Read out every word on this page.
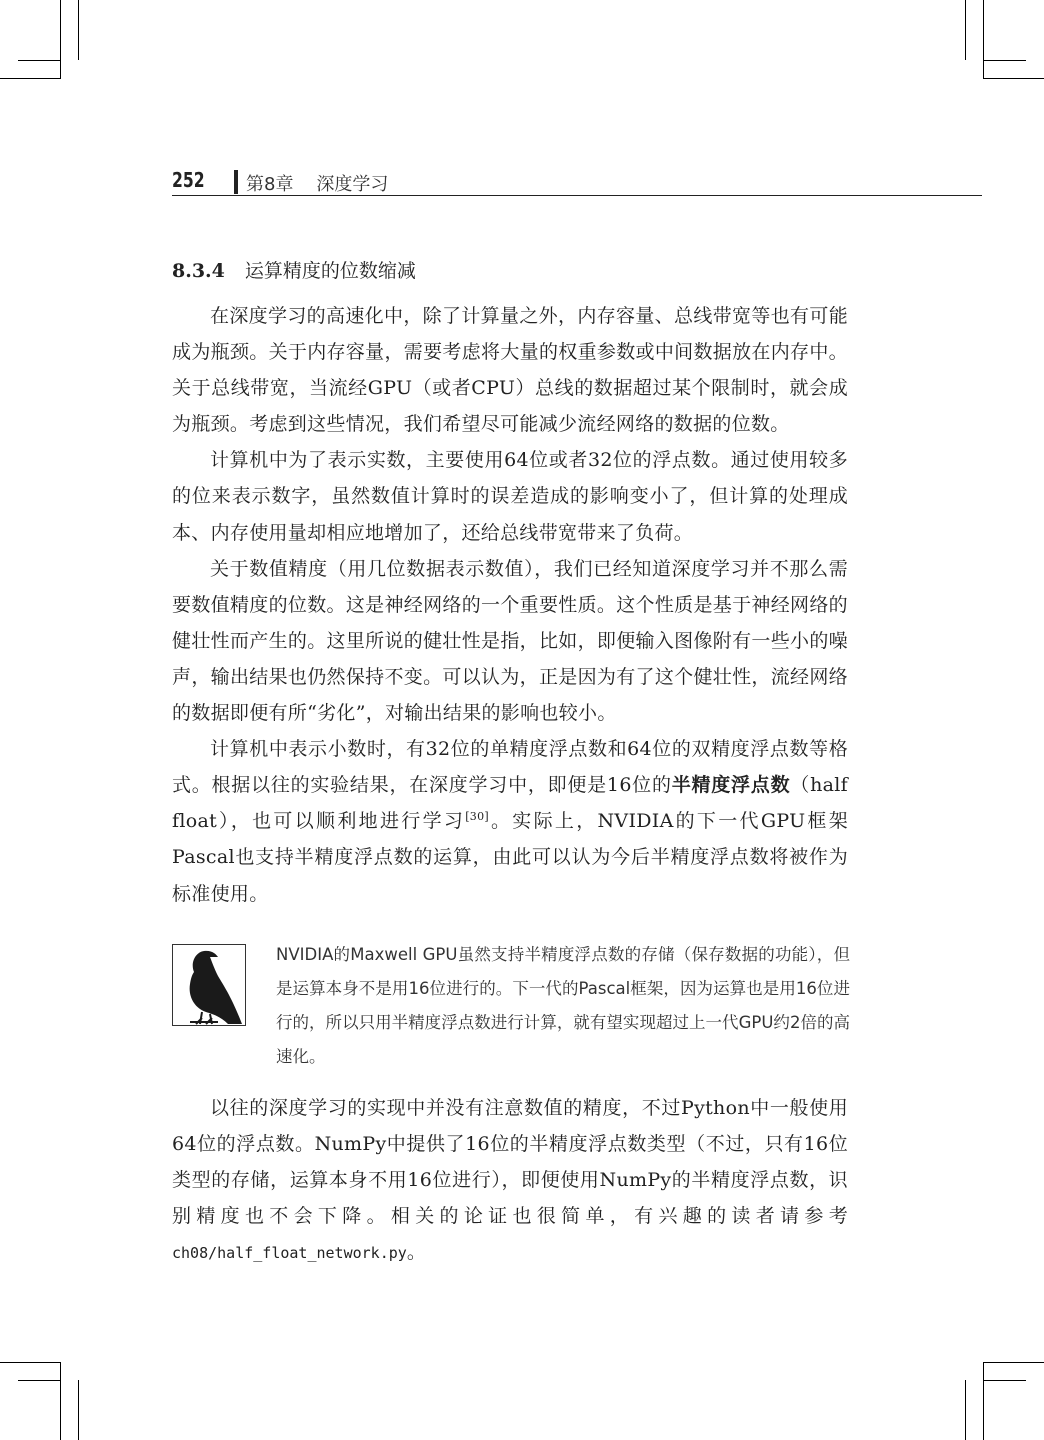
252 第8章    深度学习
8.3.4 运算精度的位数缩减

在深度学习的高速化中，除了计算量之外，内存容量、总线带宽等也有可能成为瓶颈。关于内存容量，需要考虑将大量的权重参数或中间数据放在内存中。关于总线带宽，当流经GPU（或者CPU）总线的数据超过某个限制时，就会成为瓶颈。考虑到这些情况，我们希望尽可能减少流经网络的数据的位数。

计算机中为了表示实数，主要使用64位或者32位的浮点数。通过使用较多的位来表示数字，虽然数值计算时的误差造成的影响变小了，但计算的处理成本、内存使用量却相应地增加了，还给总线带宽带来了负荷。

关于数值精度（用几位数据表示数值），我们已经知道深度学习并不那么需要数值精度的位数。这是神经网络的一个重要性质。这个性质是基于神经网络的健壮性而产生的。这里所说的健壮性是指，比如，即便输入图像附有一些小的噪声，输出结果也仍然保持不变。可以认为，正是因为有了这个健壮性，流经网络的数据即便有所“劣化”，对输出结果的影响也较小。

计算机中表示小数时，有32位的单精度浮点数和64位的双精度浮点数等格式。根据以往的实验结果，在深度学习中，即便是16位的半精度浮点数（half float），也可以顺利地进行学习[30]。实际上，NVIDIA的下一代GPU框架Pascal也支持半精度浮点数的运算，由此可以认为今后半精度浮点数将被作为标准使用。

NVIDIA的Maxwell GPU虽然支持半精度浮点数的存储（保存数据的功能），但是运算本身不是用16位进行的。下一代的Pascal框架，因为运算也是用16位进行的，所以只用半精度浮点数进行计算，就有望实现超过上一代GPU约2倍的高速化。

以往的深度学习的实现中并没有注意数值的精度，不过Python中一般使用64位的浮点数。NumPy中提供了16位的半精度浮点数类型（不过，只有16位类型的存储，运算本身不用16位进行），即便使用NumPy的半精度浮点数，识别精度也不会下降。相关的论证也很简单，有兴趣的读者请参考ch08/half_float_network.py。
